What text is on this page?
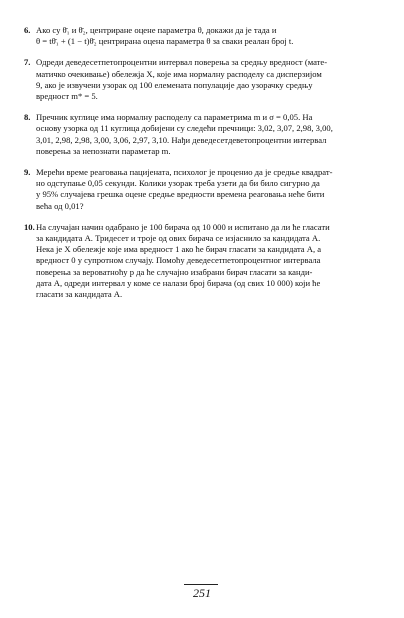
6. Ако су θ̄₁ и θ̄₂, центриране оцене параметра θ, докажи да је тада и
θ = tθ̄₁ + (1 − t)θ̄₂ центрирана оцена параметра θ за сваки реалан број t.
7. Одреди деведесетпетопроцентни интервал поверења за средњу вредност (мате-
матичко очекивање) обележја X, које има нормалну расподелу са дисперзијом
9, ако је извучени узорак од 100 елемената популације дао узорачку средњу
вредност m* = 5.
8. Пречник куглице има нормалну расподелу са параметрима m и σ = 0,05. На
основу узорка од 11 куглица добијени су следећи пречници: 3,02, 3,07, 2,98, 3,00,
3,01, 2,98, 2,98, 3,00, 3,06, 2,97, 3,10. Нађи деведесетдеветопроцентни интервал
поверења за непознати параметар m.
9. Мерећи време реаговања пацијената, психолог је проценио да је средње квадрат-
но одступање 0,05 секунди. Колики узорак треба узети да би било сигурно да
у 95% случајева грешка оцене средње вредности времена реаговања неће бити
већа од 0,01?
10. На случајан начин одабрано је 100 бирача од 10 000 и испитано да ли ће гласати
за кандидата A. Тридесет и троје од ових бирача се изјаснило за кандидата A.
Нека је X обележје које има вредност 1 ако ће бирач гласати за кандидата A, а
вредност 0 у супротном случају. Помоћу деведесетпетопроцентног интервала
поверења за вероватноћу p да ће случајно изабрани бирач гласати за канди-
дата A, одреди интервал у коме се налази број бирача (од свих 10 000) који ће
гласати за кандидата A.
251
